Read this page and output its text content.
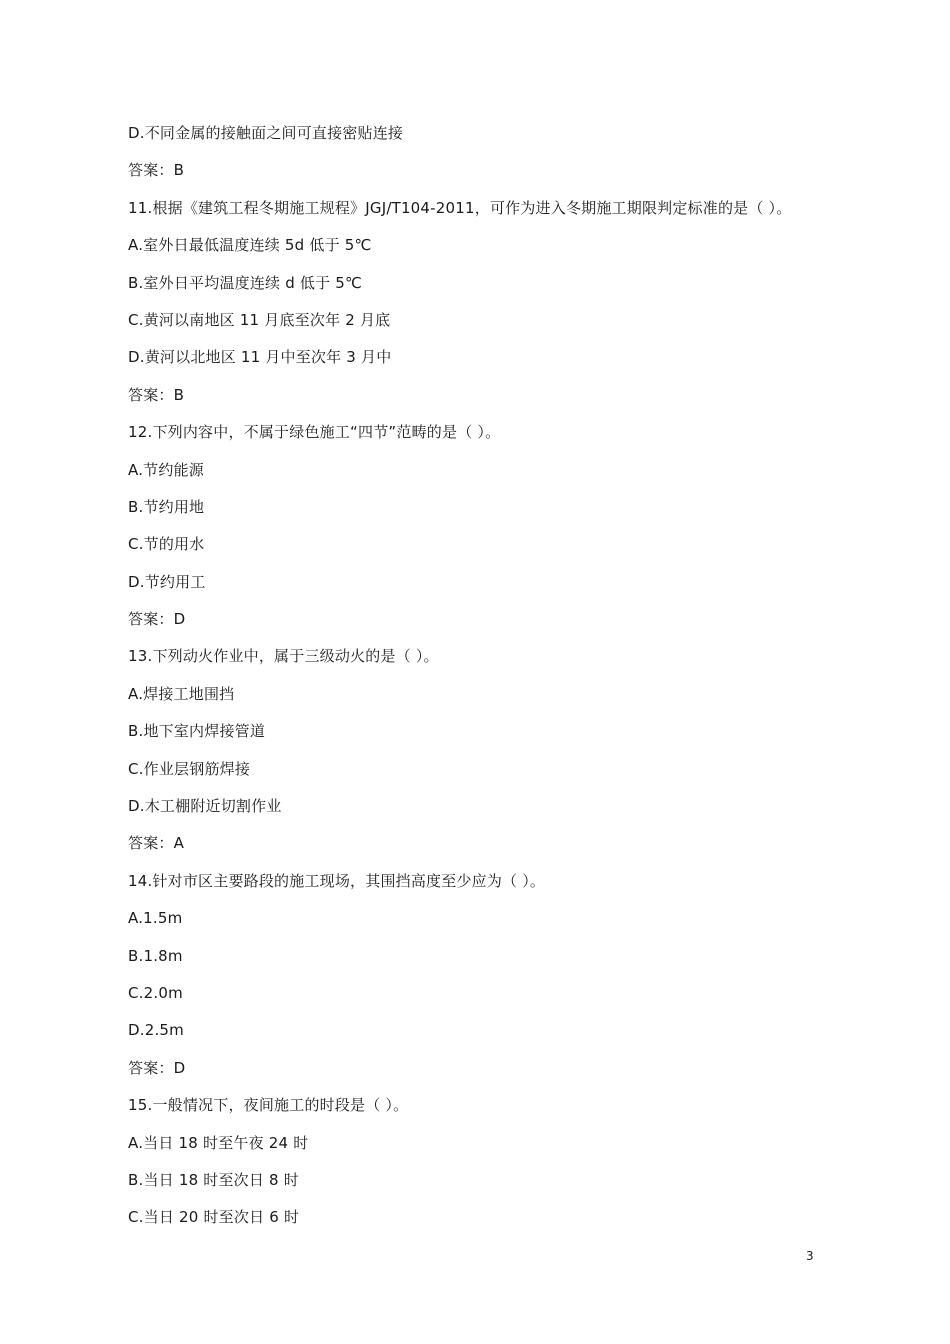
D.不同金属的接触面之间可直接密贴连接
答案：B
11.根据《建筑工程冬期施工规程》JGJ/T104-2011，可作为进入冬期施工期限判定标准的是（ ）。
A.室外日最低温度连续 5d 低于 5℃
B.室外日平均温度连续 d 低于 5℃
C.黄河以南地区 11 月底至次年 2 月底
D.黄河以北地区 11 月中至次年 3 月中
答案：B
12.下列内容中，不属于绿色施工“四节”范畴的是（ ）。
A.节约能源
B.节约用地
C.节的用水
D.节约用工
答案：D
13.下列动火作业中，属于三级动火的是（ ）。
A.焊接工地围挡
B.地下室内焊接管道
C.作业层钢筋焊接
D.木工棚附近切割作业
答案：A
14.针对市区主要路段的施工现场，其围挡高度至少应为（ ）。
A.1.5m
B.1.8m
C.2.0m
D.2.5m
答案：D
15.一般情况下，夜间施工的时段是（ ）。
A.当日 18 时至午夜 24 时
B.当日 18 时至次日 8 时
C.当日 20 时至次日 6 时
3
